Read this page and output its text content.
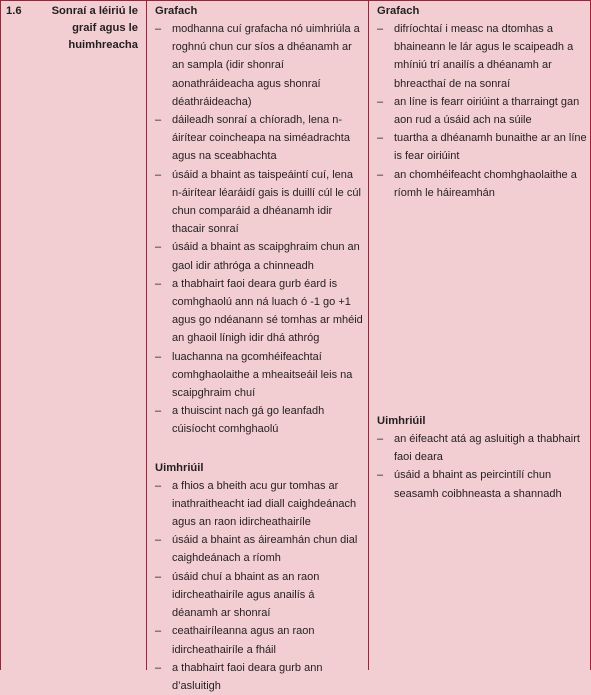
1.6	Sonraí a léiriú le graif agus le huimhreacha
Grafach
– modhanna cuí grafacha nó uimhriúla a roghnú chun cur síos a dhéanamh ar an sampla (idir shonraí aonathráideacha agus shonraí déathráideacha)
– dáileadh sonraí a chíoradh, lena n-áirítear coincheapa na siméadrachta agus na sceabhachta
– úsáid a bhaint as taispeáintí cuí, lena n-áirítear léaráidí gais is duillí cúl le cúl chun comparáid a dhéanamh idir thacair sonraí
– úsáid a bhaint as scaipghraim chun an gaol idir athróga a chinneadh
– a thabhairt faoi deara gurb éard is comhghaolú ann ná luach ó -1 go +1 agus go ndéanann sé tomhas ar mhéid an ghaoil línigh idir dhá athróg
– luachanna na gcomhéifeachtaí comhghaolaithe a mheaitseáil leis na scaipghraim chuí
– a thuiscint nach gá go leanfadh cúisíocht comhghaolú
Uimhriúil
– a fhios a bheith acu gur tomhas ar inathraitheacht iad diall caighdeánach agus an raon idircheathairíle
– úsáid a bhaint as áireamhán chun dial caighdeánach a ríomh
– úsáid chuí a bhaint as an raon idircheathairíle agus anailís á déanamh ar shonraí
– ceathairíleanna agus an raon idircheathairíle a fháil
– a thabhairt faoi deara gurb ann d’asluitigh
Grafach
– difríochtaí i measc na dtomhas a bhaineann le lár agus le scaipeadh a mhíniú trí anailís a dhéanamh ar bhreacthaí de na sonraí
– an líne is fearr oiriúint a tharraingt gan aon rud a úsáid ach na súile
– tuartha a dhéanamh bunaithe ar an líne is fear oiriúint
– an chomhéifeacht chomhghaolaithe a ríomh le háireamhán
Uimhriúil
– an éifeacht atá ag asluitigh a thabhairt faoi deara
– úsáid a bhaint as peircintílí chun seasamh coibhneasta a shannadh
